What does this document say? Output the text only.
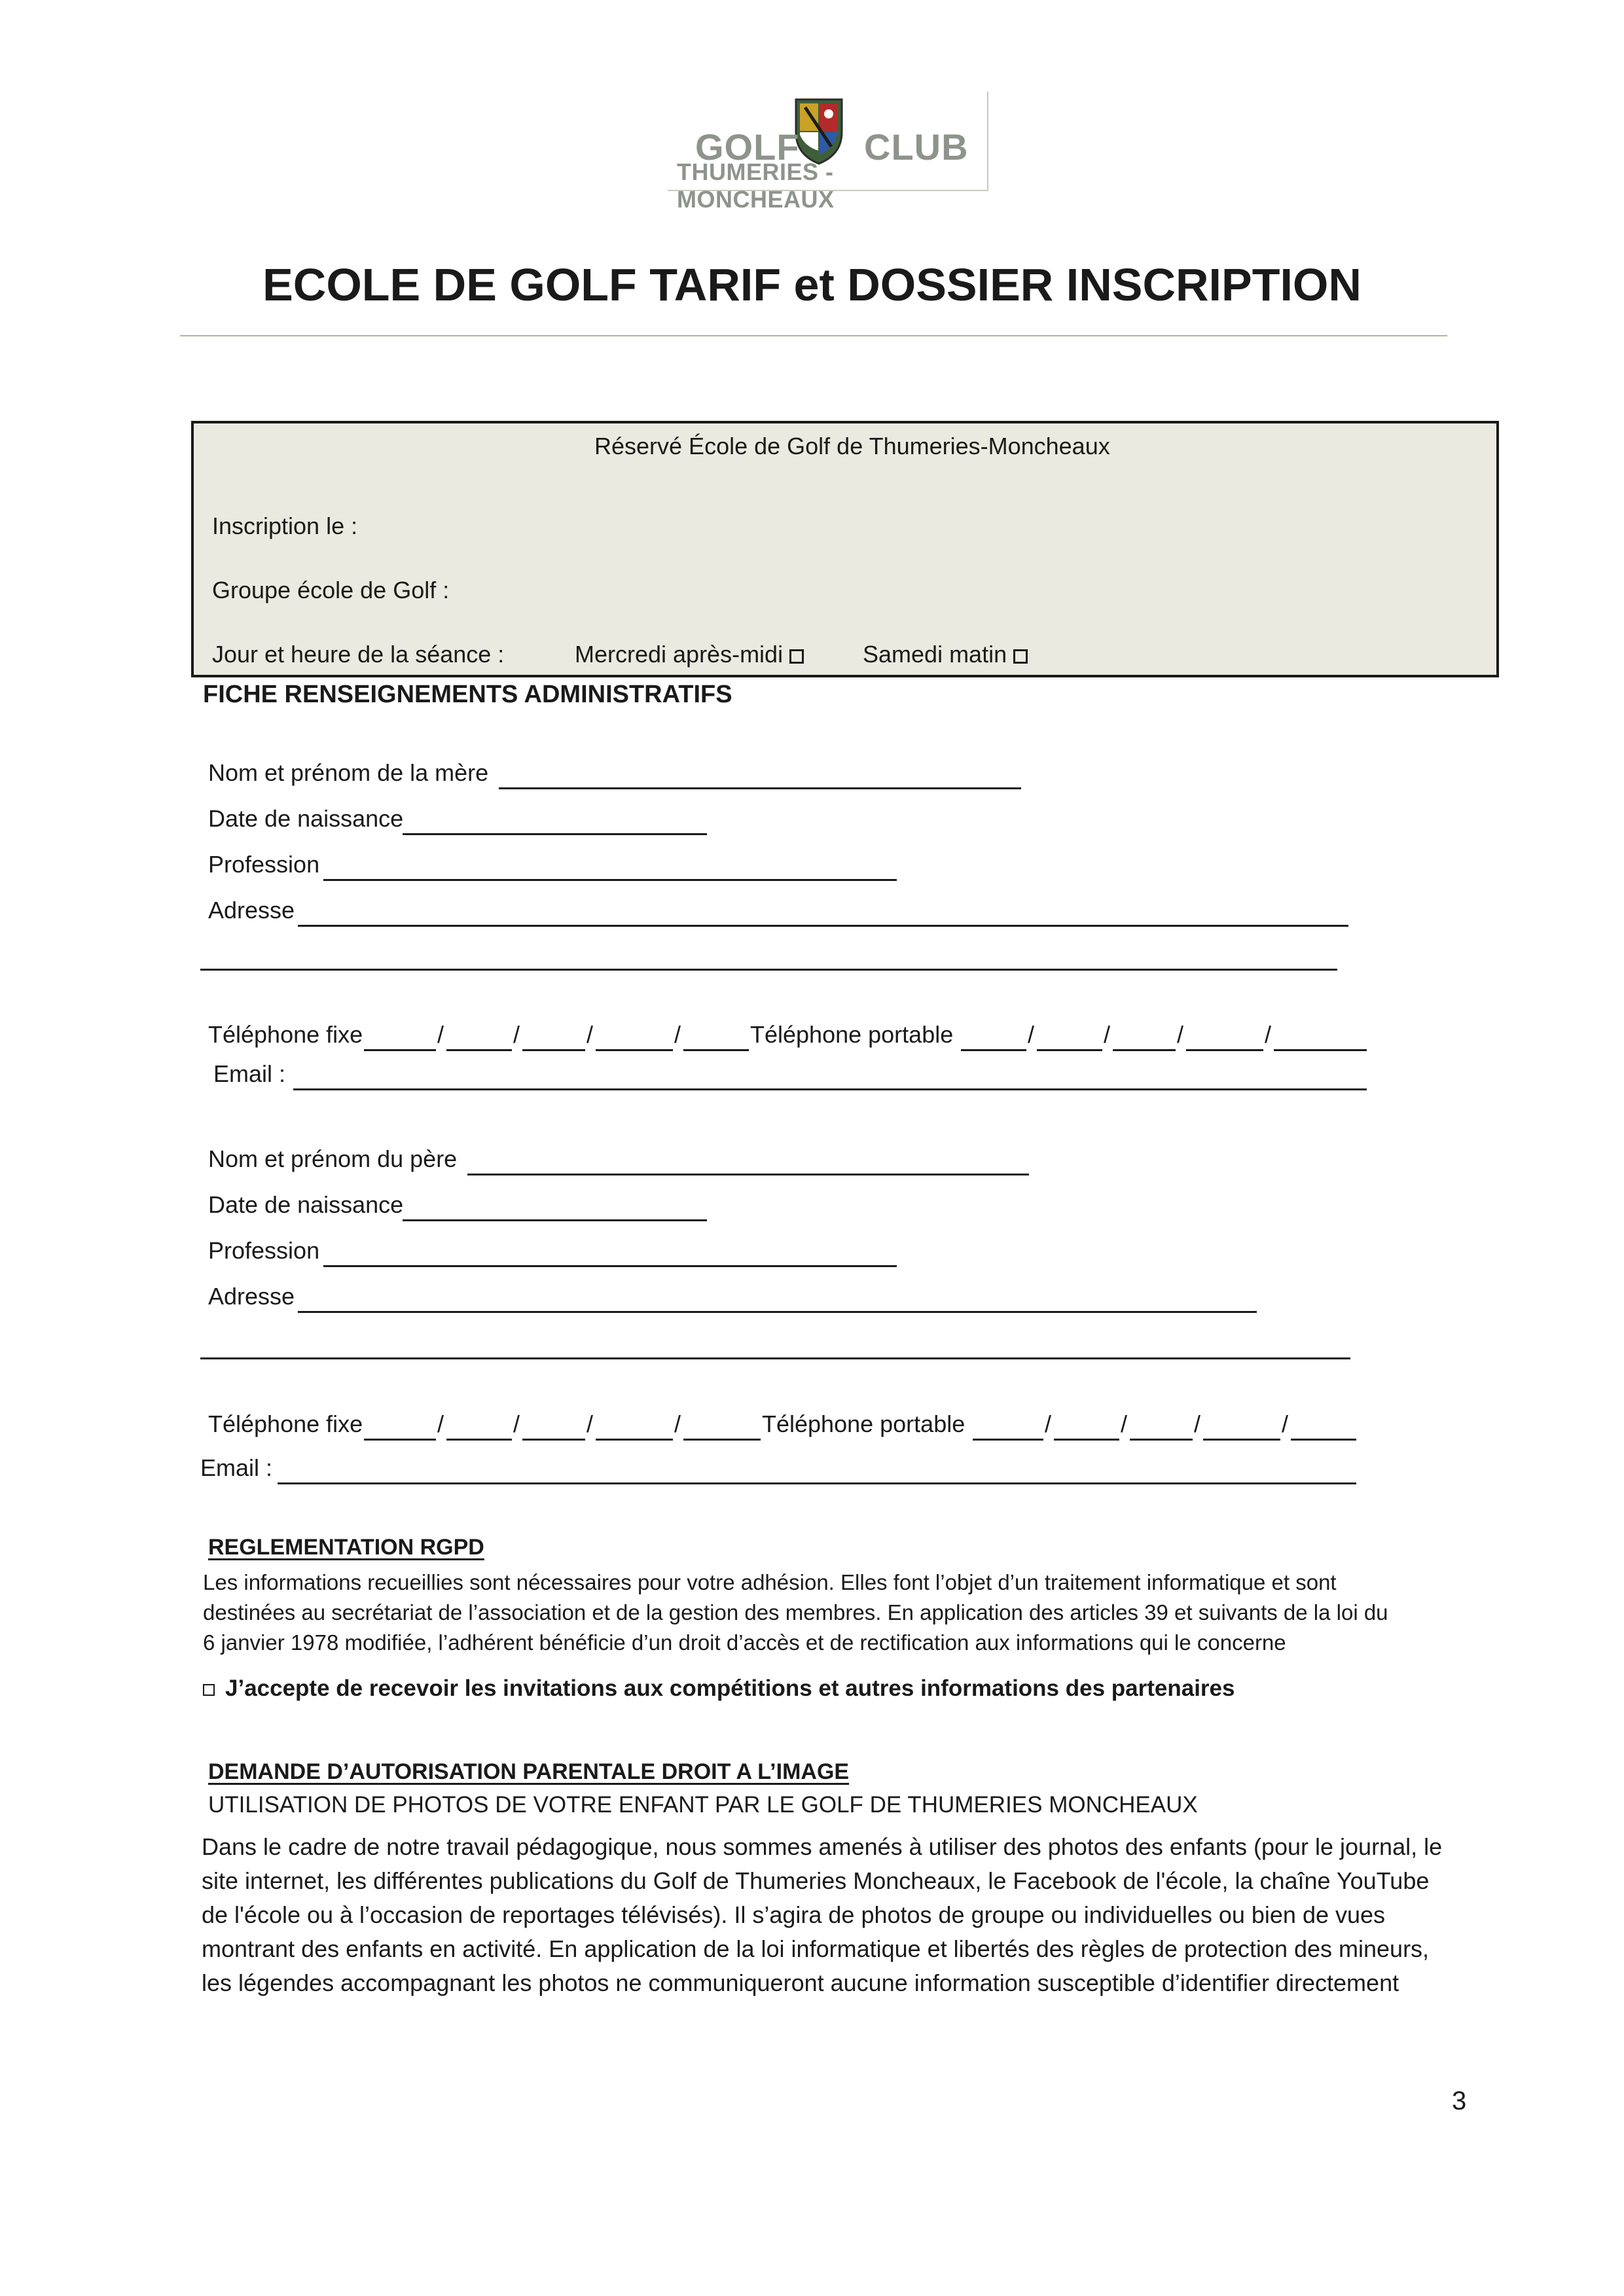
GOLF CLUB
THUMERIES - MONCHEAUX
ECOLE DE GOLF TARIF et DOSSIER INSCRIPTION
Réservé École de Golf de Thumeries-Moncheaux
Inscription le :
Groupe école de Golf :
Jour et heure de la séance :	Mercredi après-midi	Samedi matin
FICHE RENSEIGNEMENTS ADMINISTRATIFS
Nom et prénom de la mère
Date de naissance
Profession
Adresse
Téléphone fixe	/	/	/	/	Téléphone portable	/	/	/	/
Email :
Nom et prénom du père
Date de naissance
Profession
Adresse
Téléphone fixe	/	/	/	/	Téléphone portable	/	/	/	/
Email :
REGLEMENTATION RGPD
Les informations recueillies sont nécessaires pour votre adhésion. Elles font l’objet d’un traitement informatique et sont
destinées au secrétariat de l’association et de la gestion des membres. En application des articles 39 et suivants de la loi du
6 janvier 1978 modifiée, l’adhérent bénéficie d’un droit d’accès et de rectification aux informations qui le concerne
J’accepte de recevoir les invitations aux compétitions et autres informations des partenaires
DEMANDE D’AUTORISATION PARENTALE DROIT A L’IMAGE
UTILISATION DE PHOTOS DE VOTRE ENFANT PAR LE GOLF DE THUMERIES MONCHEAUX
Dans le cadre de notre travail pédagogique, nous sommes amenés à utiliser des photos des enfants (pour le journal, le
site internet, les différentes publications du Golf de Thumeries Moncheaux, le Facebook de l'école, la chaîne YouTube
de l'école ou à l’occasion de reportages télévisés). Il s’agira de photos de groupe ou individuelles ou bien de vues
montrant des enfants en activité. En application de la loi informatique et libertés des règles de protection des mineurs,
les légendes accompagnant les photos ne communiqueront aucune information susceptible d’identifier directement
3
